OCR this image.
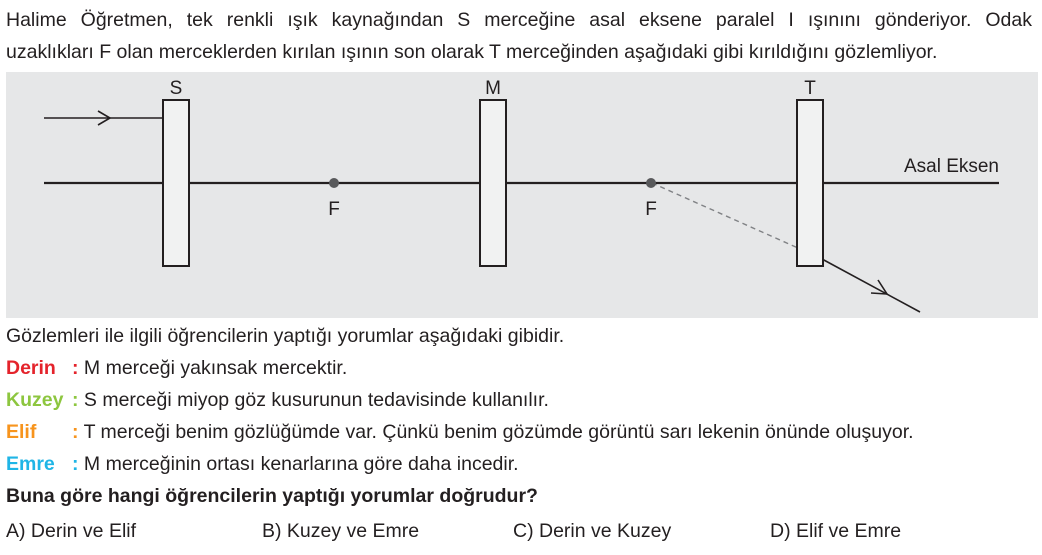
Halime Öğretmen, tek renkli ışık kaynağından S merceğine asal eksene paralel I ışınını gönderiyor. Odak
uzaklıkları F olan merceklerden kırılan ışının son olarak T merceğinden aşağıdaki gibi kırıldığını gözlemliyor.
S	M	T
F	F
Asal Eksen
Gözlemleri ile ilgili öğrencilerin yaptığı yorumlar aşağıdaki gibidir.
Derin : M merceği yakınsak mercektir.
Kuzey : S merceği miyop göz kusurunun tedavisinde kullanılır.
Elif : T merceği benim gözlüğümde var. Çünkü benim gözümde görüntü sarı lekenin önünde oluşuyor.
Emre : M merceğinin ortası kenarlarına göre daha incedir.
Buna göre hangi öğrencilerin yaptığı yorumlar doğrudur?
A) Derin ve Elif	B) Kuzey ve Emre	C) Derin ve Kuzey	D) Elif ve Emre
